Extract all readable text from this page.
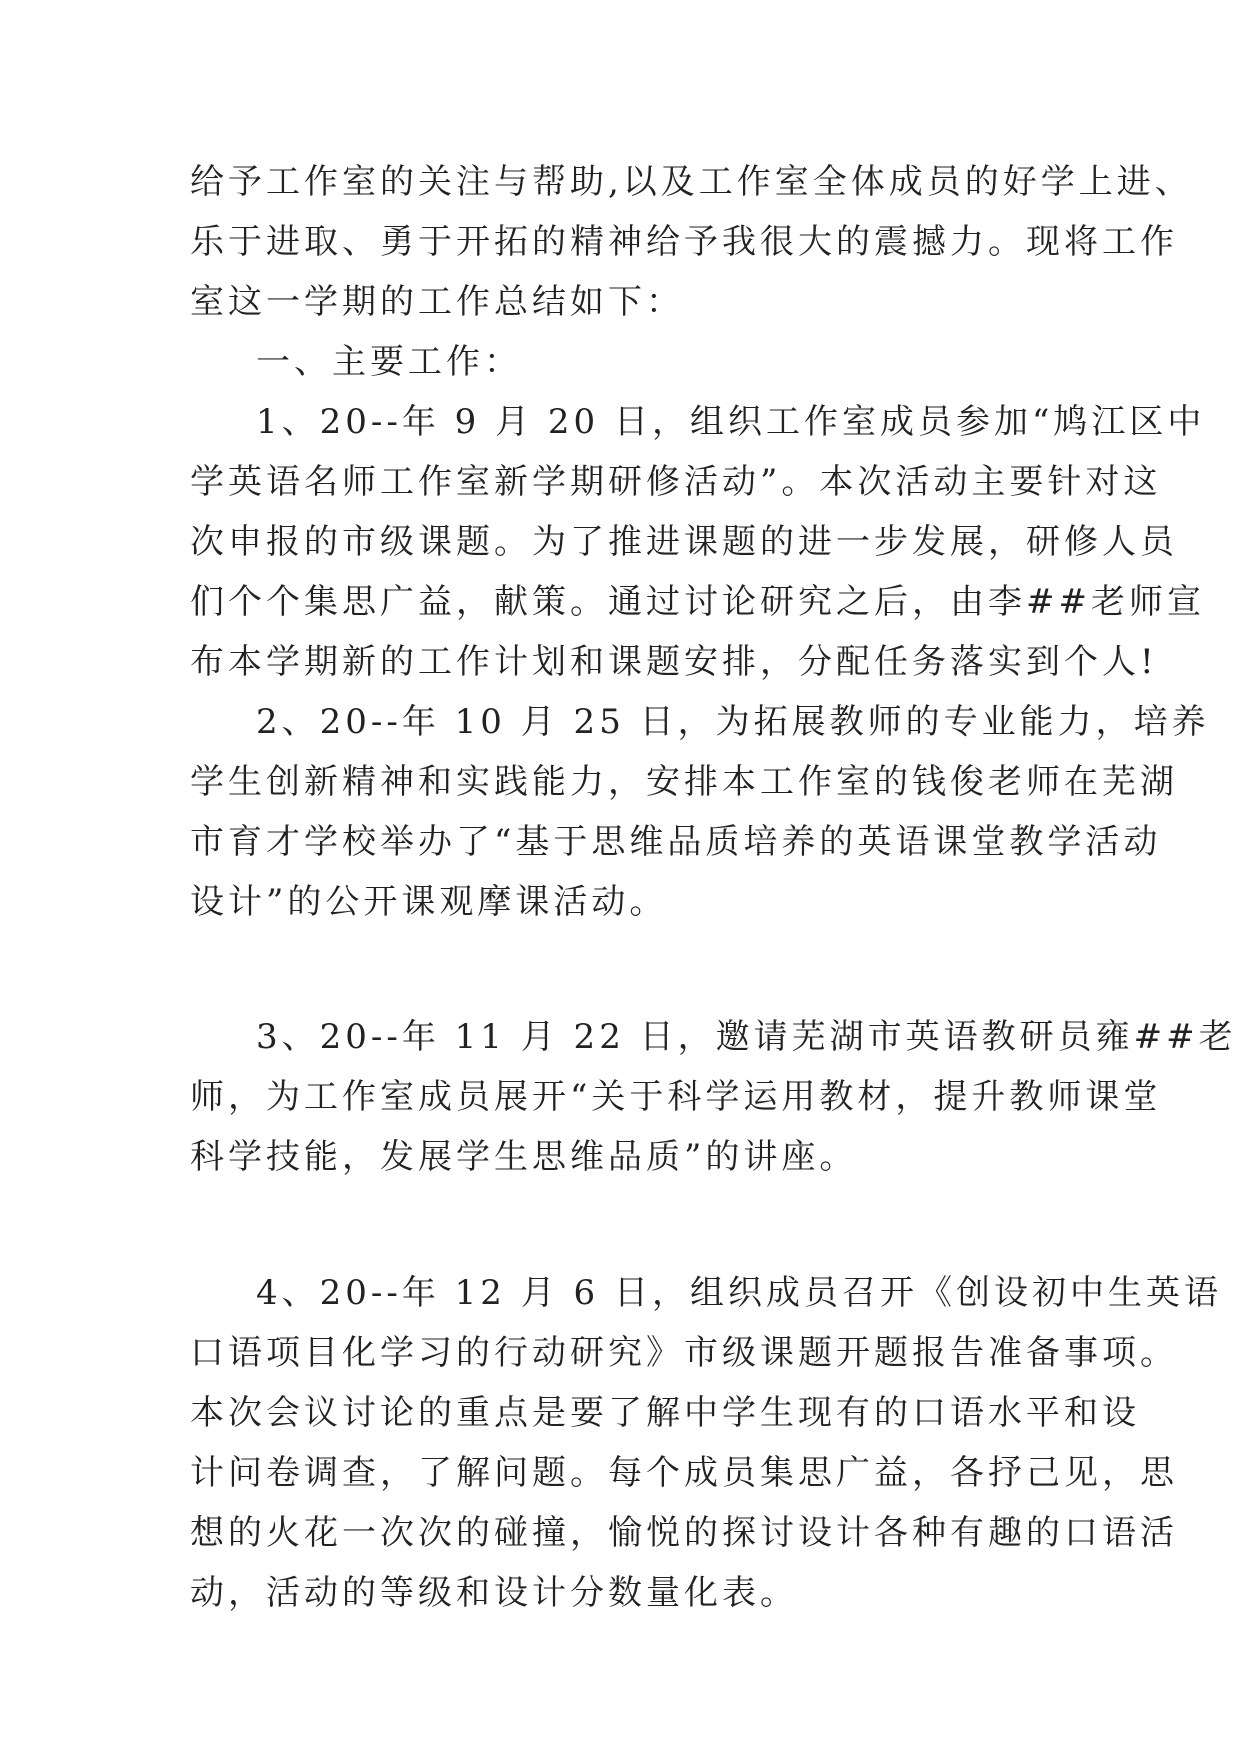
给予工作室的关注与帮助,以及工作室全体成员的好学上进、

乐于进取、勇于开拓的精神给予我很大的震撼力。现将工作

室这一学期的工作总结如下：

一、主要工作：

1、20--年 9 月 20 日，组织工作室成员参加“鸠江区中

学英语名师工作室新学期研修活动”。本次活动主要针对这

次申报的市级课题。为了推进课题的进一步发展，研修人员

们个个集思广益，献策。通过讨论研究之后，由李##老师宣

布本学期新的工作计划和课题安排，分配任务落实到个人!

2、20--年 10 月 25 日，为拓展教师的专业能力，培养

学生创新精神和实践能力，安排本工作室的钱俊老师在芜湖

市育才学校举办了“基于思维品质培养的英语课堂教学活动

设计”的公开课观摩课活动。

3、20--年 11 月 22 日，邀请芜湖市英语教研员雍##老

师，为工作室成员展开“关于科学运用教材，提升教师课堂

科学技能，发展学生思维品质”的讲座。

4、20--年 12 月 6 日，组织成员召开《创设初中生英语

口语项目化学习的行动研究》市级课题开题报告准备事项。

本次会议讨论的重点是要了解中学生现有的口语水平和设

计问卷调查，了解问题。每个成员集思广益，各抒己见，思

想的火花一次次的碰撞，愉悦的探讨设计各种有趣的口语活

动，活动的等级和设计分数量化表。
